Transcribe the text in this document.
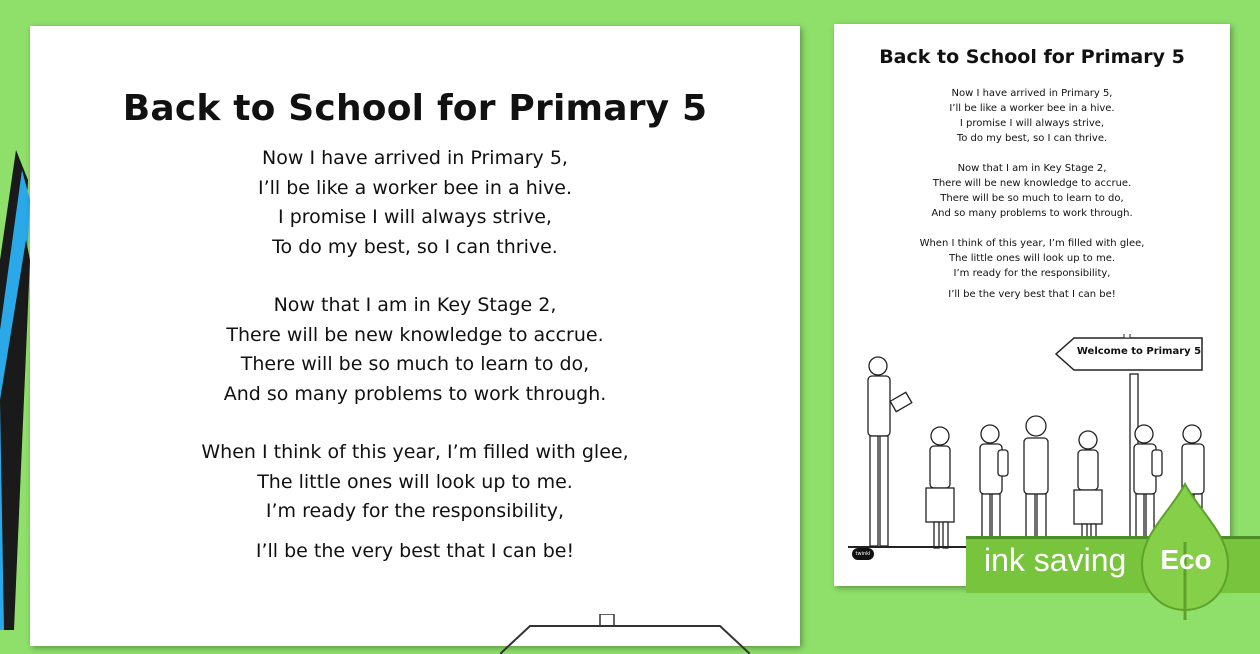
Back to School for Primary 5
Now I have arrived in Primary 5,
I’ll be like a worker bee in a hive.
I promise I will always strive,
To do my best, so I can thrive.
Now that I am in Key Stage 2,
There will be new knowledge to accrue.
There will be so much to learn to do,
And so many problems to work through.
When I think of this year, I’m filled with glee,
The little ones will look up to me.
I’m ready for the responsibility,
I’ll be the very best that I can be!
Back to School for Primary 5
Now I have arrived in Primary 5,
I’ll be like a worker bee in a hive.
I promise I will always strive,
To do my best, so I can thrive.
Now that I am in Key Stage 2,
There will be new knowledge to accrue.
There will be so much to learn to do,
And so many problems to work through.
When I think of this year, I’m filled with glee,
The little ones will look up to me.
I’m ready for the responsibility,
I’ll be the very best that I can be!
Welcome to Primary 5
twinkl	ink saving Eco
